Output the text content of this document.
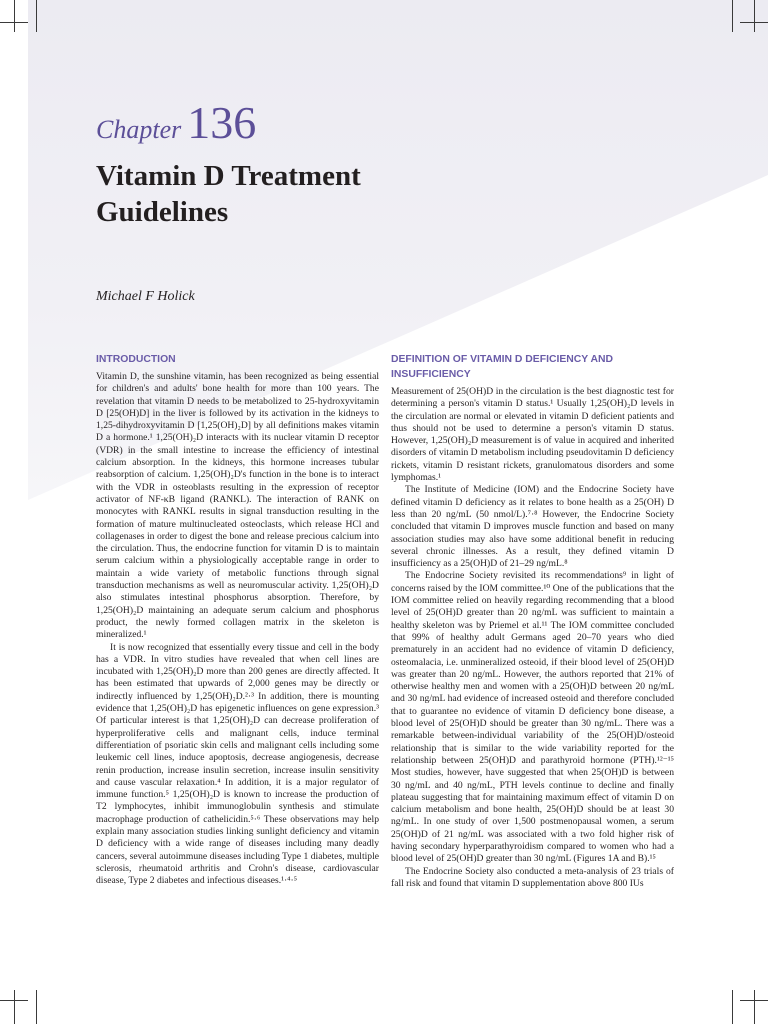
Chapter 136
Vitamin D Treatment
Guidelines
Michael F Holick
INTRODUCTION

Vitamin D, the sunshine vitamin, has been recognized as being essential for children's and adults' bone health for more than 100 years. The revelation that vitamin D needs to be metabolized to 25-hydroxyvitamin D [25(OH)D] in the liver is followed by its activation in the kidneys to 1,25-dihydroxyvitamin D [1,25(OH)₂D] by all definitions makes vitamin D a hormone.¹ 1,25(OH)₂D interacts with its nuclear vitamin D receptor (VDR) in the small intestine to increase the efficiency of intestinal calcium absorption. In the kidneys, this hormone increases tubular reabsorption of calcium. 1,25(OH)₂D's function in the bone is to interact with the VDR in osteoblasts resulting in the expression of receptor activator of NF-κB ligand (RANKL). The interaction of RANK on monocytes with RANKL results in signal transduction resulting in the formation of mature multinucleated osteoclasts, which release HCl and collagenases in order to digest the bone and release precious calcium into the circulation. Thus, the endocrine function for vitamin D is to maintain serum calcium within a physiologically acceptable range in order to maintain a wide variety of metabolic functions through signal transduction mechanisms as well as neuromuscular activity. 1,25(OH)₂D also stimulates intestinal phosphorus absorption. Therefore, by 1,25(OH)₂D maintaining an adequate serum calcium and phosphorus product, the newly formed collagen matrix in the skeleton is mineralized.¹

It is now recognized that essentially every tissue and cell in the body has a VDR. In vitro studies have revealed that when cell lines are incubated with 1,25(OH)₂D more than 200 genes are directly affected. It has been estimated that upwards of 2,000 genes may be directly or indirectly influenced by 1,25(OH)₂D.²·³ In addition, there is mounting evidence that 1,25(OH)₂D has epigenetic influences on gene expression.³ Of particular interest is that 1,25(OH)₂D can decrease proliferation of hyperproliferative cells and malignant cells, induce terminal differentiation of psoriatic skin cells and malignant cells including some leukemic cell lines, induce apoptosis, decrease angiogenesis, decrease renin production, increase insulin secretion, increase insulin sensitivity and cause vascular relaxation.⁴ In addition, it is a major regulator of immune function.⁵ 1,25(OH)₂D is known to increase the production of T2 lymphocytes, inhibit immunoglobulin synthesis and stimulate macrophage production of cathelicidin.⁵·⁶ These observations may help explain many association studies linking sunlight deficiency and vitamin D deficiency with a wide range of diseases including many deadly cancers, several autoimmune diseases including Type 1 diabetes, multiple sclerosis, rheumatoid arthritis and Crohn's disease, cardiovascular disease, Type 2 diabetes and infectious diseases.¹·⁴·⁵

DEFINITION OF VITAMIN D DEFICIENCY AND INSUFFICIENCY

Measurement of 25(OH)D in the circulation is the best diagnostic test for determining a person's vitamin D status.¹ Usually 1,25(OH)₂D levels in the circulation are normal or elevated in vitamin D deficient patients and thus should not be used to determine a person's vitamin D status. However, 1,25(OH)₂D measurement is of value in acquired and inherited disorders of vitamin D metabolism including pseudovitamin D deficiency rickets, vitamin D resistant rickets, granulomatous disorders and some lymphomas.¹

The Institute of Medicine (IOM) and the Endocrine Society have defined vitamin D deficiency as it relates to bone health as a 25(OH) D less than 20 ng/mL (50 nmol/L).⁷·⁸ However, the Endocrine Society concluded that vitamin D improves muscle function and based on many association studies may also have some additional benefit in reducing several chronic illnesses. As a result, they defined vitamin D insufficiency as a 25(OH)D of 21–29 ng/mL.⁸

The Endocrine Society revisited its recommendations⁹ in light of concerns raised by the IOM committee.¹⁰ One of the publications that the IOM committee relied on heavily regarding recommending that a blood level of 25(OH)D greater than 20 ng/mL was sufficient to maintain a healthy skeleton was by Priemel et al.¹¹ The IOM committee concluded that 99% of healthy adult Germans aged 20–70 years who died prematurely in an accident had no evidence of vitamin D deficiency, osteomalacia, i.e. unmineralized osteoid, if their blood level of 25(OH)D was greater than 20 ng/mL. However, the authors reported that 21% of otherwise healthy men and women with a 25(OH)D between 20 ng/mL and 30 ng/mL had evidence of increased osteoid and therefore concluded that to guarantee no evidence of vitamin D deficiency bone disease, a blood level of 25(OH)D should be greater than 30 ng/mL. There was a remarkable between-individual variability of the 25(OH)D/osteoid relationship that is similar to the wide variability reported for the relationship between 25(OH)D and parathyroid hormone (PTH).¹²⁻¹⁵ Most studies, however, have suggested that when 25(OH)D is between 30 ng/mL and 40 ng/mL, PTH levels continue to decline and finally plateau suggesting that for maintaining maximum effect of vitamin D on calcium metabolism and bone health, 25(OH)D should be at least 30 ng/mL. In one study of over 1,500 postmenopausal women, a serum 25(OH)D of 21 ng/mL was associated with a two fold higher risk of having secondary hyperparathyroidism compared to women who had a blood level of 25(OH)D greater than 30 ng/mL (Figures 1A and B).¹⁵

The Endocrine Society also conducted a meta-analysis of 23 trials of fall risk and found that vitamin D supplementation above 800 IUs
